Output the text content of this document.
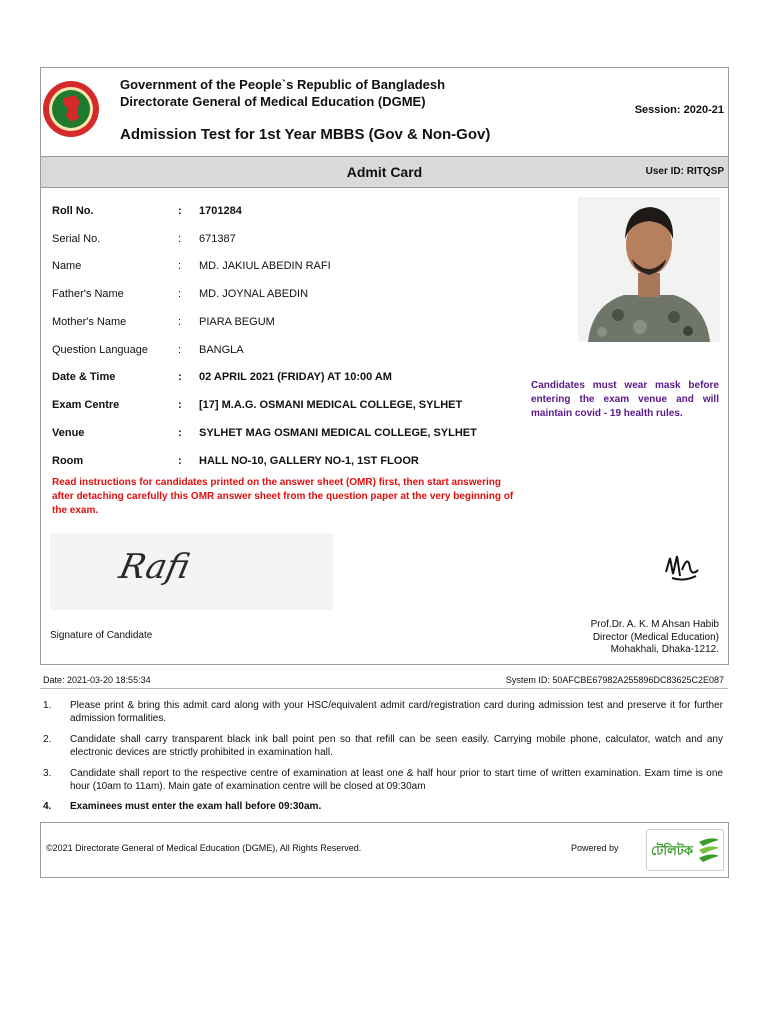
Government of the People`s Republic of Bangladesh
Directorate General of Medical Education (DGME)
Session: 2020-21
Admission Test for 1st Year MBBS (Gov & Non-Gov)
Admit Card	User ID: RITQSP
Roll No.	: 1701284
Serial No.	: 671387
Name	: MD. JAKIUL ABEDIN RAFI
Father's Name	: MD. JOYNAL ABEDIN
Mother's Name	: PIARA BEGUM
Question Language	: BANGLA
Date & Time	: 02 APRIL 2021 (FRIDAY) AT 10:00 AM
Exam Centre	: [17] M.A.G. OSMANI MEDICAL COLLEGE, SYLHET
Venue	: SYLHET MAG OSMANI MEDICAL COLLEGE, SYLHET
Room	: HALL NO-10, GALLERY NO-1, 1ST FLOOR
Candidates must wear mask before entering the exam venue and will maintain covid - 19 health rules.
Read instructions for candidates printed on the answer sheet (OMR) first, then start answering after detaching carefully this OMR answer sheet from the question paper at the very beginning of the exam.
Rafi
Signature of Candidate
Prof.Dr. A. K. M Ahsan Habib
Director (Medical Education)
Mohakhali, Dhaka-1212.
Date: 2021-03-20 18:55:34	System ID: 50AFCBE67982A255896DC83625C2E087
1. Please print & bring this admit card along with your HSC/equivalent admit card/registration card during admission test and preserve it for further admission formalities.
2. Candidate shall carry transparent black ink ball point pen so that refill can be seen easily. Carrying mobile phone, calculator, watch and any electronic devices are strictly prohibited in examination hall.
3. Candidate shall report to the respective centre of examination at least one & half hour prior to start time of written examination. Exam time is one hour (10am to 11am). Main gate of examination centre will be closed at 09:30am
4. Examinees must enter the exam hall before 09:30am.
©2021 Directorate General of Medical Education (DGME), All Rights Reserved.	Powered by টেলিটক
